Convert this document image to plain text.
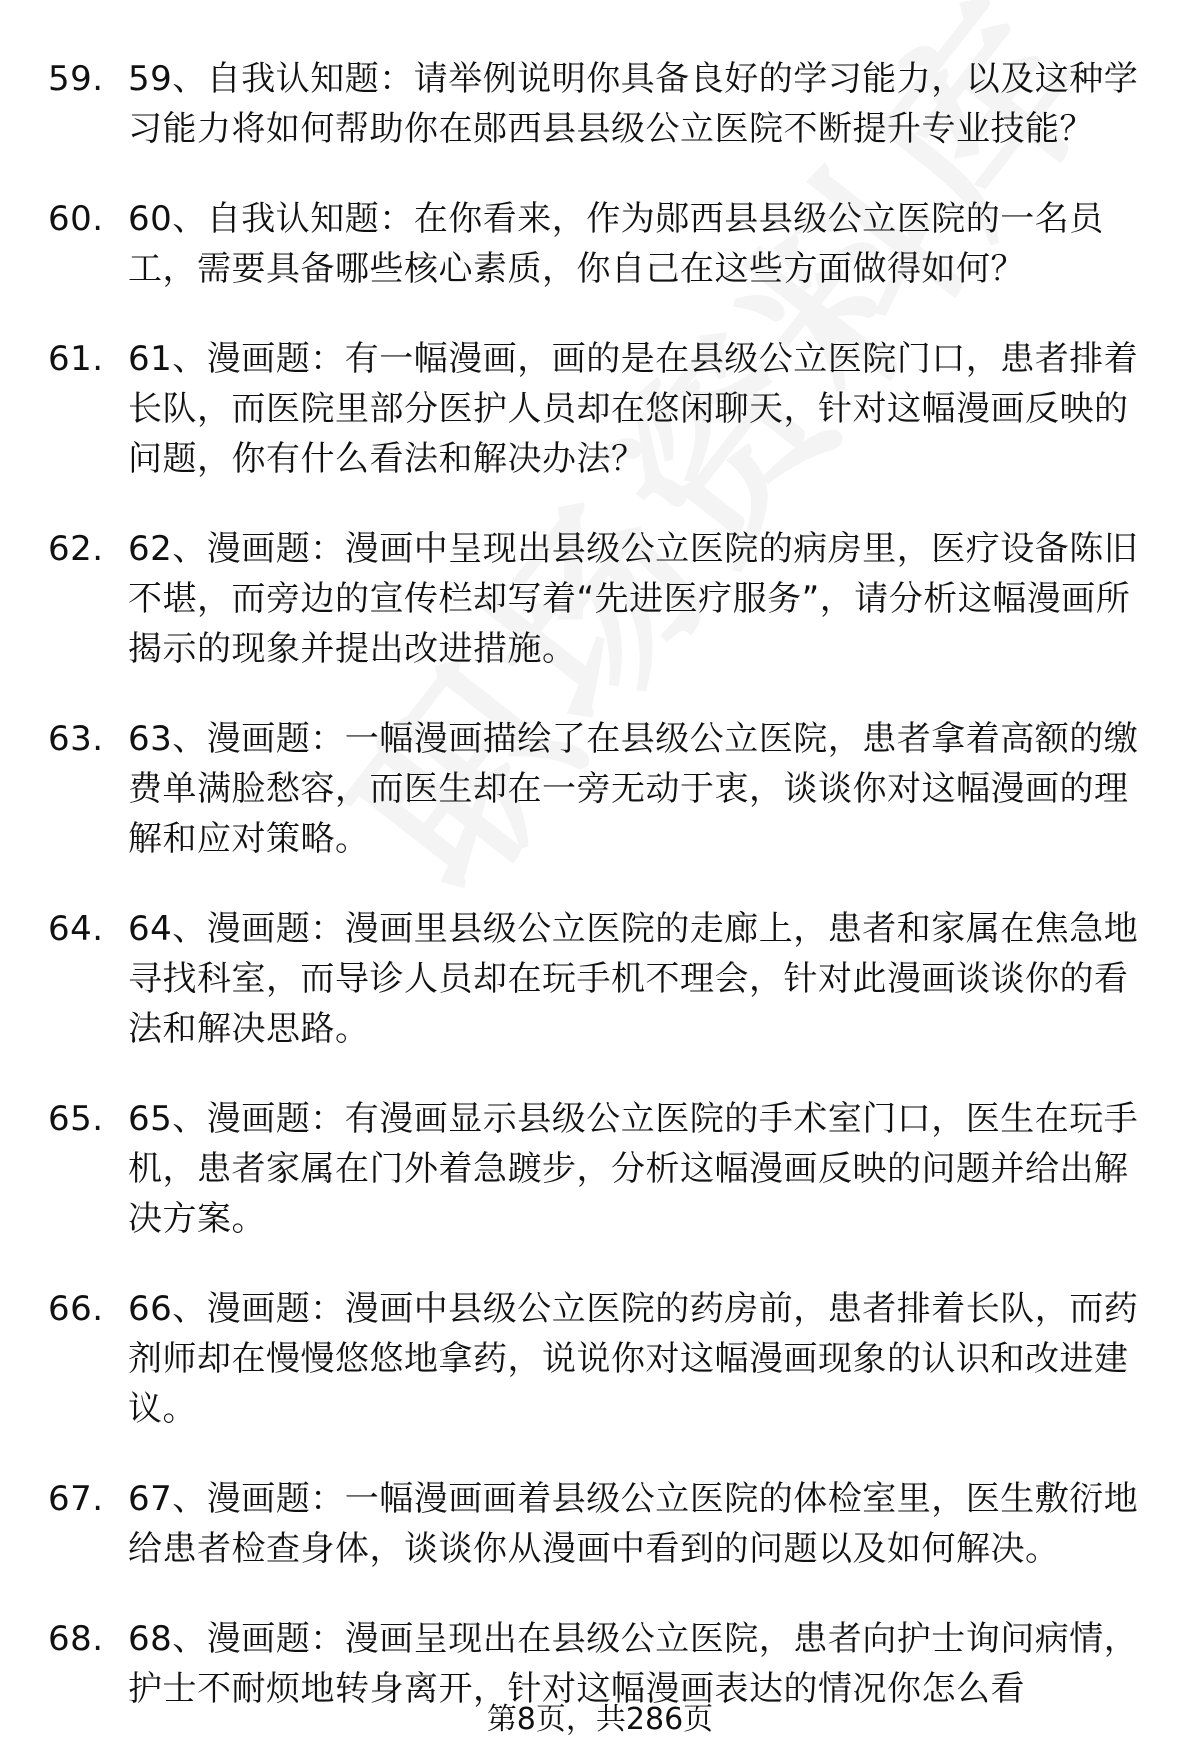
59. 59、自我认知题：请举例说明你具备良好的学习能力，以及这种学习能力将如何帮助你在郧西县县级公立医院不断提升专业技能？
60. 60、自我认知题：在你看来，作为郧西县县级公立医院的一名员工，需要具备哪些核心素质，你自己在这些方面做得如何？
61. 61、漫画题：有一幅漫画，画的是在县级公立医院门口，患者排着长队，而医院里部分医护人员却在悠闲聊天，针对这幅漫画反映的问题，你有什么看法和解决办法？
62. 62、漫画题：漫画中呈现出县级公立医院的病房里，医疗设备陈旧不堪，而旁边的宣传栏却写着“先进医疗服务”，请分析这幅漫画所揭示的现象并提出改进措施。
63. 63、漫画题：一幅漫画描绘了在县级公立医院，患者拿着高额的缴费单满脸愁容，而医生却在一旁无动于衷，谈谈你对这幅漫画的理解和应对策略。
64. 64、漫画题：漫画里县级公立医院的走廊上，患者和家属在焦急地寻找科室，而导诊人员却在玩手机不理会，针对此漫画谈谈你的看法和解决思路。
65. 65、漫画题：有漫画显示县级公立医院的手术室门口，医生在玩手机，患者家属在门外着急踱步，分析这幅漫画反映的问题并给出解决方案。
66. 66、漫画题：漫画中县级公立医院的药房前，患者排着长队，而药剂师却在慢慢悠悠地拿药，说说你对这幅漫画现象的认识和改进建议。
67. 67、漫画题：一幅漫画画着县级公立医院的体检室里，医生敷衍地给患者检查身体，谈谈你从漫画中看到的问题以及如何解决。
68. 68、漫画题：漫画呈现出在县级公立医院，患者向护士询问病情，护士不耐烦地转身离开，针对这幅漫画表达的情况你怎么看
第8页，共286页
